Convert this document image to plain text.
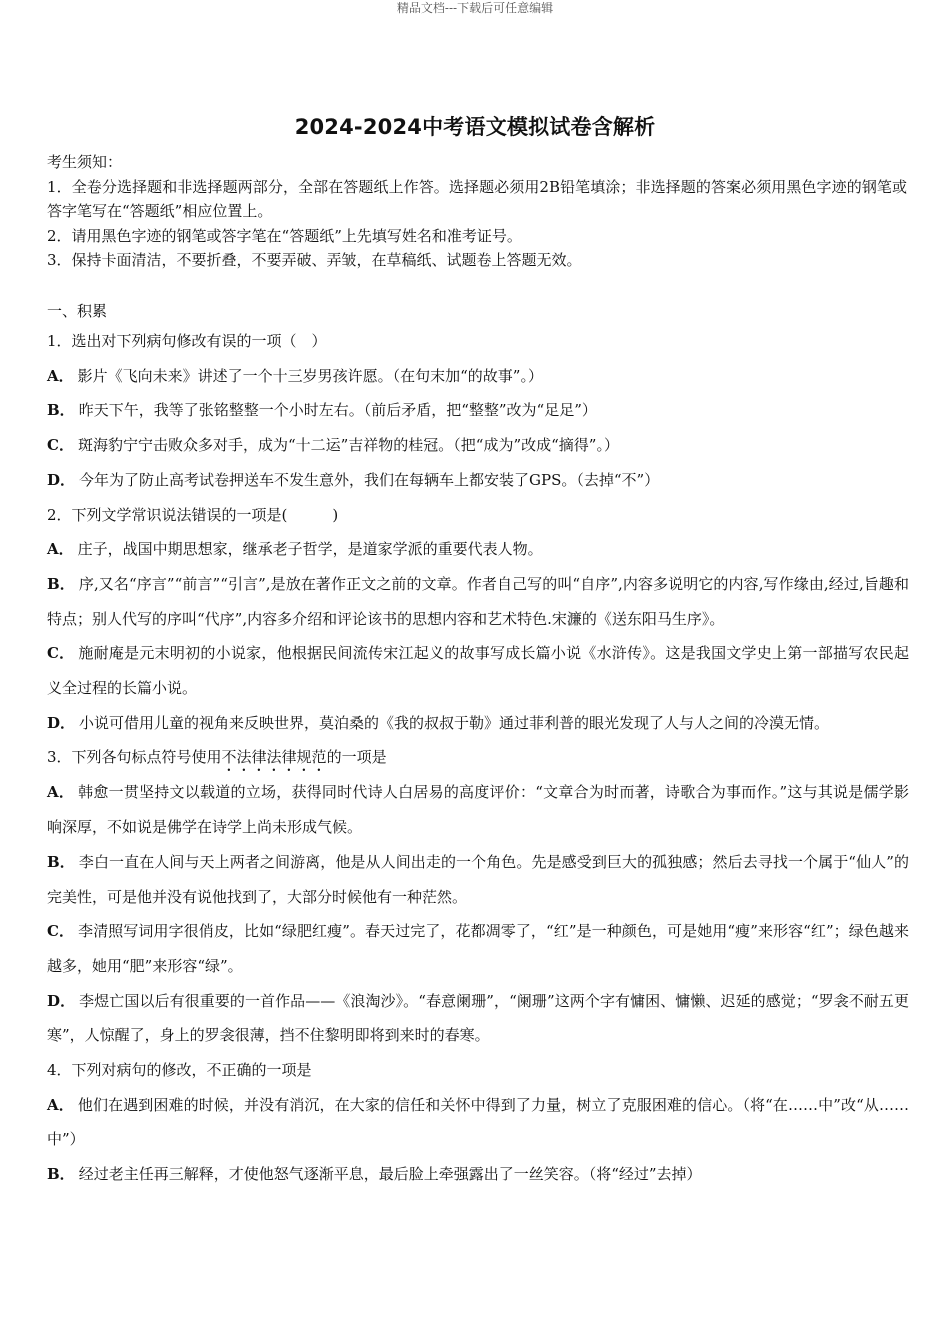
精品文档---下载后可任意编辑
2024-2024中考语文模拟试卷含解析
考生须知：
1．全卷分选择题和非选择题两部分，全部在答题纸上作答。选择题必须用2B铅笔填涂；非选择题的答案必须用黑色字迹的钢笔或答字笔写在“答题纸”相应位置上。
2．请用黑色字迹的钢笔或答字笔在“答题纸”上先填写姓名和准考证号。
3．保持卡面清洁，不要折叠，不要弄破、弄皱，在草稿纸、试题卷上答题无效。
一、积累
1．选出对下列病句修改有误的一项（　）
A． 影片《飞向未来》讲述了一个十三岁男孩许愿。（在句末加“的故事”。）
B． 昨天下午，我等了张铭整整一个小时左右。（前后矛盾，把“整整”改为“足足”）
C． 斑海豹宁宁击败众多对手，成为“十二运”吉祥物的桂冠。（把“成为”改成“摘得”。）
D． 今年为了防止高考试卷押送车不发生意外，我们在每辆车上都安装了GPS。（去掉“不”）
2．下列文学常识说法错误的一项是(　　　)
A． 庄子，战国中期思想家，继承老子哲学，是道家学派的重要代表人物。
B． 序,又名“序言”“前言”“引言”,是放在著作正文之前的文章。作者自己写的叫“自序”,内容多说明它的内容,写作缘由,经过,旨趣和特点；别人代写的序叫“代序”,内容多介绍和评论该书的思想内容和艺术特色.宋濂的《送东阳马生序》。
C． 施耐庵是元末明初的小说家，他根据民间流传宋江起义的故事写成长篇小说《水浒传》。这是我国文学史上第一部描写农民起义全过程的长篇小说。
D． 小说可借用儿童的视角来反映世界，莫泊桑的《我的叔叔于勒》通过菲利普的眼光发现了人与人之间的冷漠无情。
3．下列各句标点符号使用不法律法律规范的一项是
A． 韩愈一贯坚持文以载道的立场，获得同时代诗人白居易的高度评价：“文章合为时而著，诗歌合为事而作。”这与其说是儒学影响深厚，不如说是佛学在诗学上尚未形成气候。
B． 李白一直在人间与天上两者之间游离，他是从人间出走的一个角色。先是感受到巨大的孤独感；然后去寻找一个属于“仙人”的完美性，可是他并没有说他找到了，大部分时候他有一种茫然。
C． 李清照写词用字很俏皮，比如“绿肥红瘦”。春天过完了，花都凋零了，“红”是一种颜色，可是她用“瘦”来形容“红”；绿色越来越多，她用“肥”来形容“绿”。
D． 李煜亡国以后有很重要的一首作品——《浪淘沙》。“春意阑珊”，“阑珊”这两个字有慵困、慵懒、迟延的感觉；“罗衾不耐五更寒”，人惊醒了，身上的罗衾很薄，挡不住黎明即将到来时的春寒。
4．下列对病句的修改，不正确的一项是
A． 他们在遇到困难的时候，并没有消沉，在大家的信任和关怀中得到了力量，树立了克服困难的信心。（将“在……中”改“从……中”）
B． 经过老主任再三解释，才使他怒气逐渐平息，最后脸上牵强露出了一丝笑容。（将“经过”去掉）
